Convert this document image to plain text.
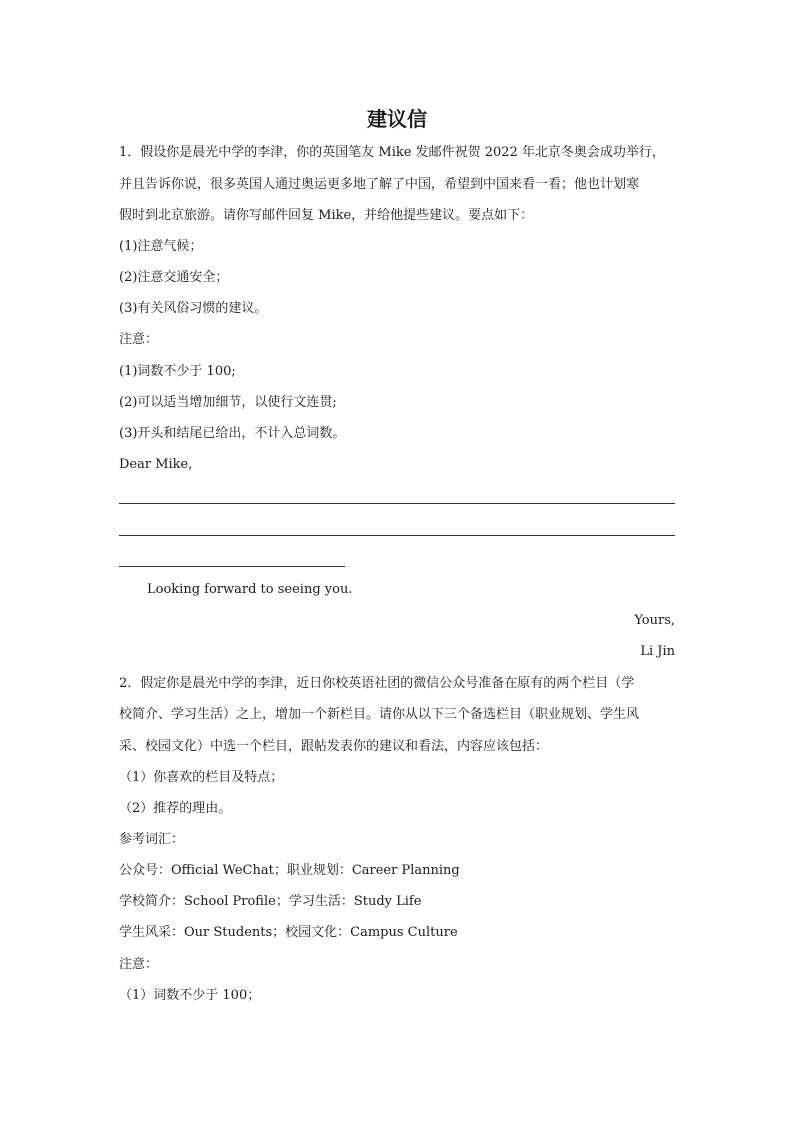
建议信
1．假设你是晨光中学的李津，你的英国笔友 Mike 发邮件祝贺 2022 年北京冬奥会成功举行，
并且告诉你说，很多英国人通过奥运更多地了解了中国，希望到中国来看一看；他也计划寒
假时到北京旅游。请你写邮件回复 Mike，并给他提些建议。要点如下：
(1)注意气候；
(2)注意交通安全；
(3)有关风俗习惯的建议。
注意：
(1)词数不少于 100;
(2)可以适当增加细节，以使行文连贯;
(3)开头和结尾已给出，不计入总词数。
Dear Mike,
Looking forward to seeing you.
Yours,
Li Jin
2．假定你是晨光中学的李津，近日你校英语社团的微信公众号准备在原有的两个栏目（学
校简介、学习生活）之上，增加一个新栏目。请你从以下三个备选栏目（职业规划、学生风
采、校园文化）中选一个栏目，跟帖发表你的建议和看法，内容应该包括：
（1）你喜欢的栏目及特点；
（2）推荐的理由。
参考词汇：
公众号：Official WeChat；职业规划：Career Planning
学校简介：School Profile；学习生活：Study Life
学生风采：Our Students；校园文化：Campus Culture
注意：
（1）词数不少于 100；
